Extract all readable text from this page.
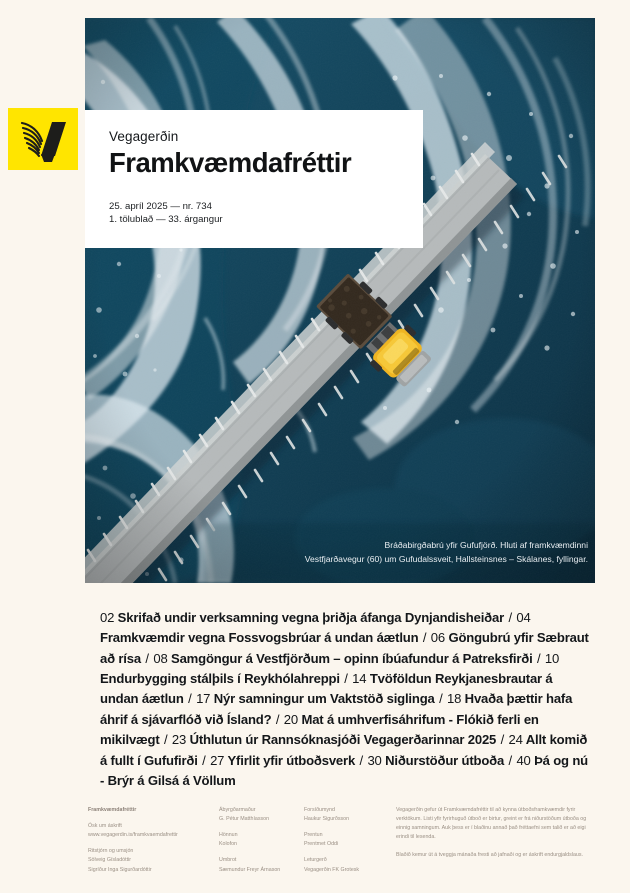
Bráðabirgðabrú yfir Gufufjörð. Hluti af framkvæmdinni
Vestfjarðavegur (60) um Gufudalssveit, Hallsteinsnes – Skálanes, fyllingar.

Vegagerðin

Framkvæmdafréttir
25. apríl 2025 — nr. 734
1. tölublað — 33. árgangur
02 Skrifað undir verksamning vegna þriðja áfanga Dynjandisheiðar / 04 Framkvæmdir vegna Fossvogsbrúar á undan áætlun / 06 Göngubrú yfir Sæbraut að rísa / 08 Samgöngur á Vestfjörðum – opinn íbúafundur á Patreksfirði / 10 Endurbygging stálþils í Reykhólahreppi / 14 Tvöföldun Reykjanesbrautar á undan áætlun / 17 Nýr samningur um Vaktstöð siglinga / 18 Hvaða þættir hafa áhrif á sjávarflóð við Ísland? / 20 Mat á umhverfisáhrifum - Flókið ferli en mikilvægt / 23 Úthlutun úr Rannsóknasjóði Vegagerðarinnar 2025 / 24 Allt komið á fullt í Gufufirði / 27 Yfirlit yfir útboðsverk / 30 Niðurstöður útboða / 40 Þá og nú - Brýr á Gilsá á Völlum
Framkvæmdafréttir
Ósk um áskrift
www.vegagerdin.is/framkvaemdafrettir
Ritstjórn og umsjón
Sölveig Gísladóttir
Sigríður Inga Sigurðardóttir
Ábyrgðarmaður
G. Pétur Matthíasson
Hönnun
Kolofon
Umbrot
Sæmundur Freyr Árnason
Forsíðumynd
Haukur Sigurðsson
Prentun
Prentmet Oddi
Leturgerð
Vegagerðin FK Grotesk
Vegagerðin gefur út Framkvæmdafréttir til að kynna útboðsframkvæmdir fyrir verktökum. Listi yfir fyrirhuguð útboð er birtur, greint er frá niðurstöðum útboða og einnig samningum. Auk þess er í blaðinu annað það fréttaefni sem talið er að eigi erindi til lesenda.
Blaðið kemur út á tveggja mánaða fresti að jafnaði og er áskrift endurgjaldslaus.
